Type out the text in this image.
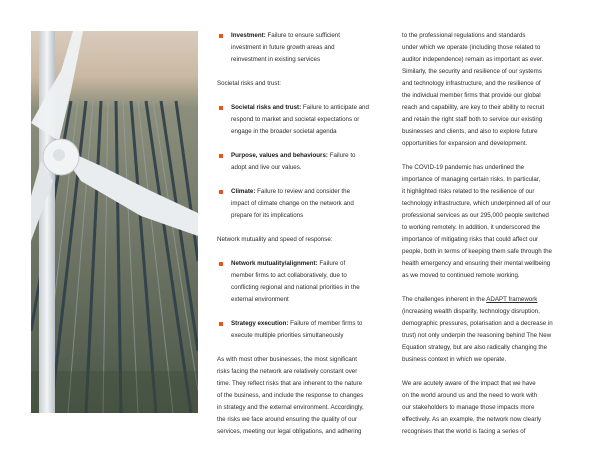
Investment: Failure to ensure sufficient
investment in future growth areas and
reinvestment in existing services

Societal risks and trust:

Societal risks and trust: Failure to anticipate and
respond to market and societal expectations or
engage in the broader societal agenda
Purpose, values and behaviours: Failure to
adopt and live our values.
Climate: Failure to review and consider the
impact of climate change on the network and
prepare for its implications

Network mutuality and speed of response:

Network mutuality/alignment: Failure of
member firms to act collaboratively, due to
conflicting regional and national priorities in the
external environment
Strategy execution: Failure of member firms to
execute multiple priorities simultaneously

As with most other businesses, the most significant
risks facing the network are relatively constant over
time. They reflect risks that are inherent to the nature
of the business, and include the response to changes
in strategy and the external environment. Accordingly,
the risks we face around ensuring the quality of our
services, meeting our legal obligations, and adhering

to the professional regulations and standards
under which we operate (including those related to
auditor independence) remain as important as ever.
Similarly, the security and resilience of our systems
and technology infrastructure, and the resilience of
the individual member firms that provide our global
reach and capability, are key to their ability to recruit
and retain the right staff both to service our existing
businesses and clients, and also to explore future
opportunities for expansion and development.

The COVID-19 pandemic has underlined the
importance of managing certain risks. In particular,
it highlighted risks related to the resilience of our
technology infrastructure, which underpinned all of our
professional services as our 295,000 people switched
to working remotely. In addition, it underscored the
importance of mitigating risks that could affect our
people, both in terms of keeping them safe through the
health emergency and ensuring their mental wellbeing
as we moved to continued remote working.

The challenges inherent in the ADAPT framework
(increasing wealth disparity, technology disruption,
demographic pressures, polarisation and a decrease in
trust) not only underpin the reasoning behind The New
Equation strategy, but are also radically changing the
business context in which we operate.

We are acutely aware of the impact that we have
on the world around us and the need to work with
our stakeholders to manage those impacts more
effectively. As an example, the network now clearly
recognises that the world is facing a series of
